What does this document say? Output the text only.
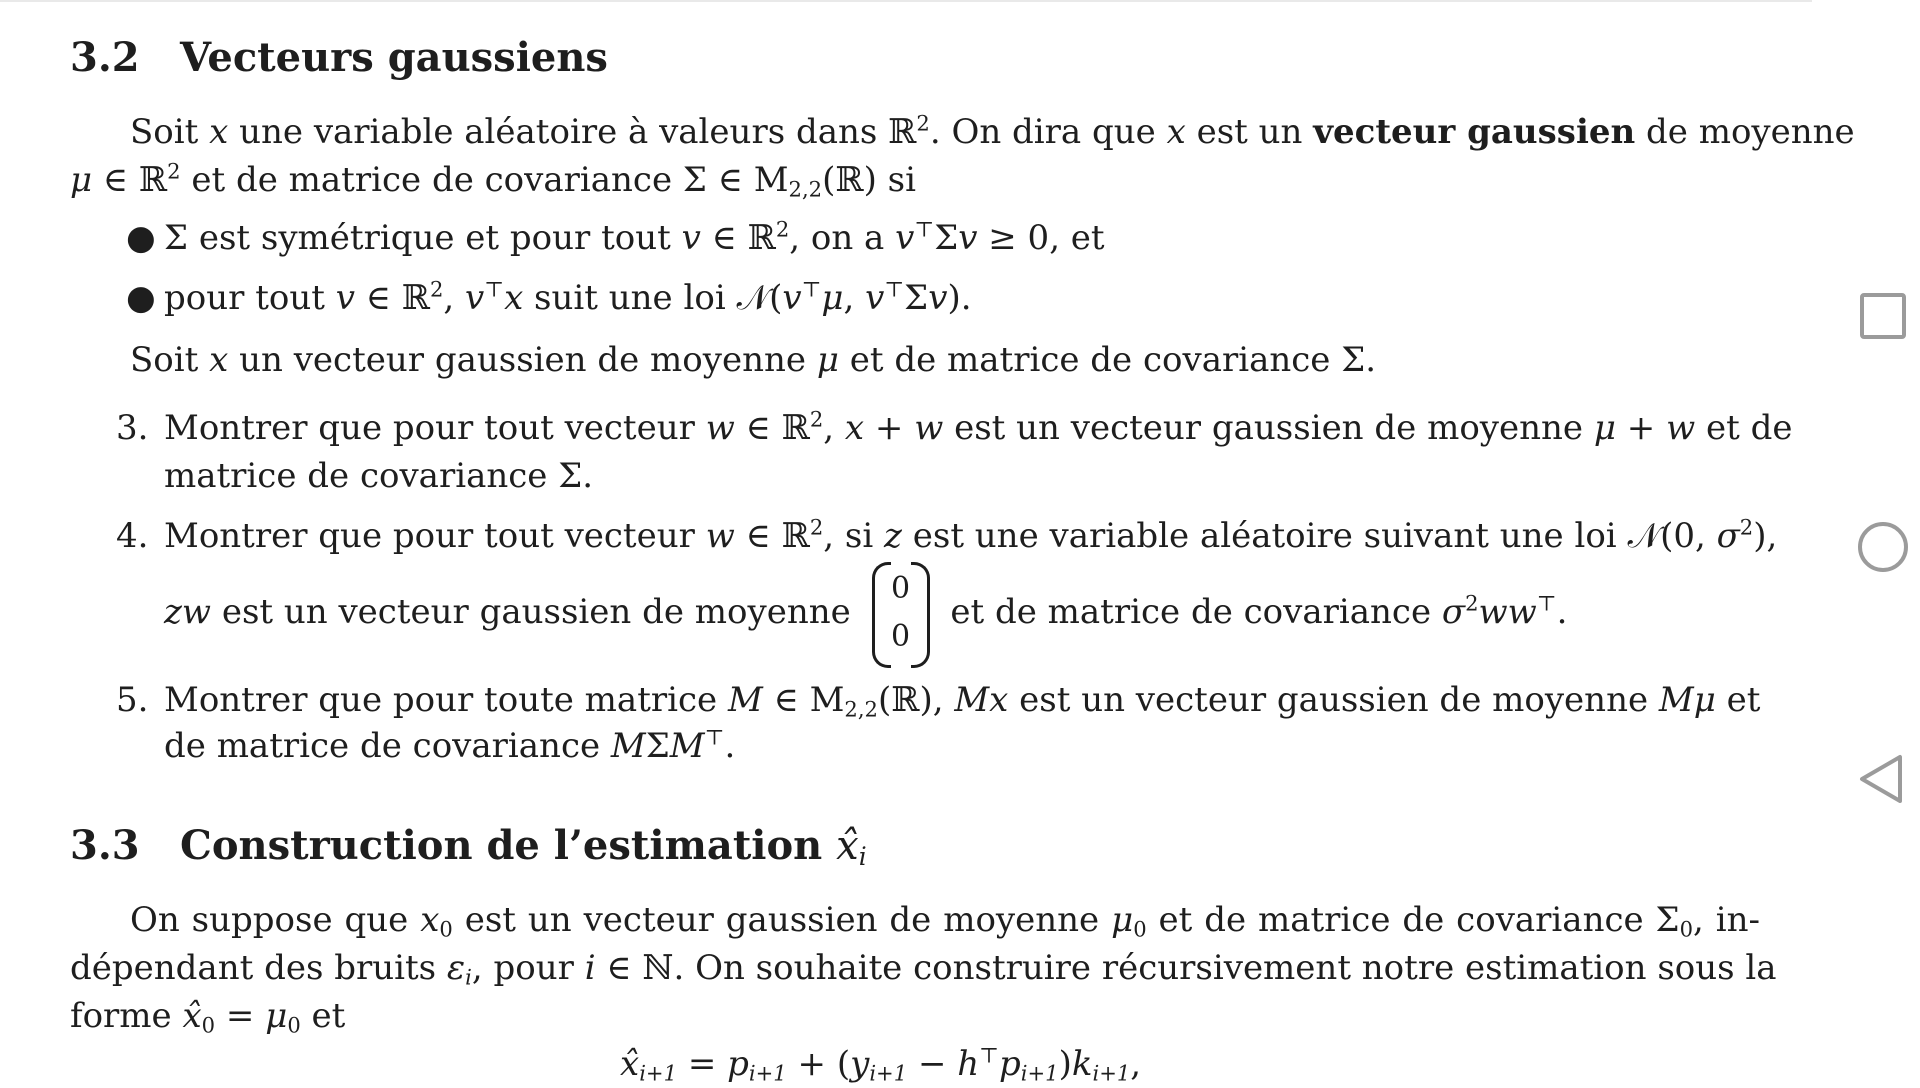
3.2 Vecteurs gaussiens
Soit x une variable aléatoire à valeurs dans ℝ$^2$. On dira que x est un vecteur gaussien de moyenne
μ ∈ ℝ$^2$ et de matrice de covariance Σ ∈ $M_{2,2}(ℝ)$ si
● Σ est symétrique et pour tout v ∈ ℝ$^2$, on a v⊤Σv ≥ 0, et
● pour tout v ∈ ℝ$^2$, v⊤x suit une loi 𝒩(v⊤μ, v⊤Σv).
Soit x un vecteur gaussien de moyenne μ et de matrice de covariance Σ.
3. Montrer que pour tout vecteur w ∈ ℝ$^2$, x + w est un vecteur gaussien de moyenne μ + w et de
matrice de covariance Σ.
4. Montrer que pour tout vecteur w ∈ ℝ$^2$, si z est une variable aléatoire suivant une loi 𝒩(0, $\sigma^2$),
zw est un vecteur gaussien de moyenne
0
0
et de matrice de covariance $\sigma^2ww^⊤$.
5. Montrer que pour toute matrice M ∈ $M_{2,2}(ℝ)$, Mx est un vecteur gaussien de moyenne Mμ et
de matrice de covariance MΣM⊤.
3.3 Construction de l’estimation $x̂_i$
On suppose que $x_0$ est un vecteur gaussien de moyenne $\mu_0$ et de matrice de covariance $\Sigma_0$, in-
dépendant des bruits $\varepsilon_i$, pour i ∈ ℕ. On souhaite construire récursivement notre estimation sous la
forme $x̂_0 = \mu_0$ et
$x̂_{i+1} = p_{i+1} + (y_{i+1} - h^⊤p_{i+1})k_{i+1}$,
